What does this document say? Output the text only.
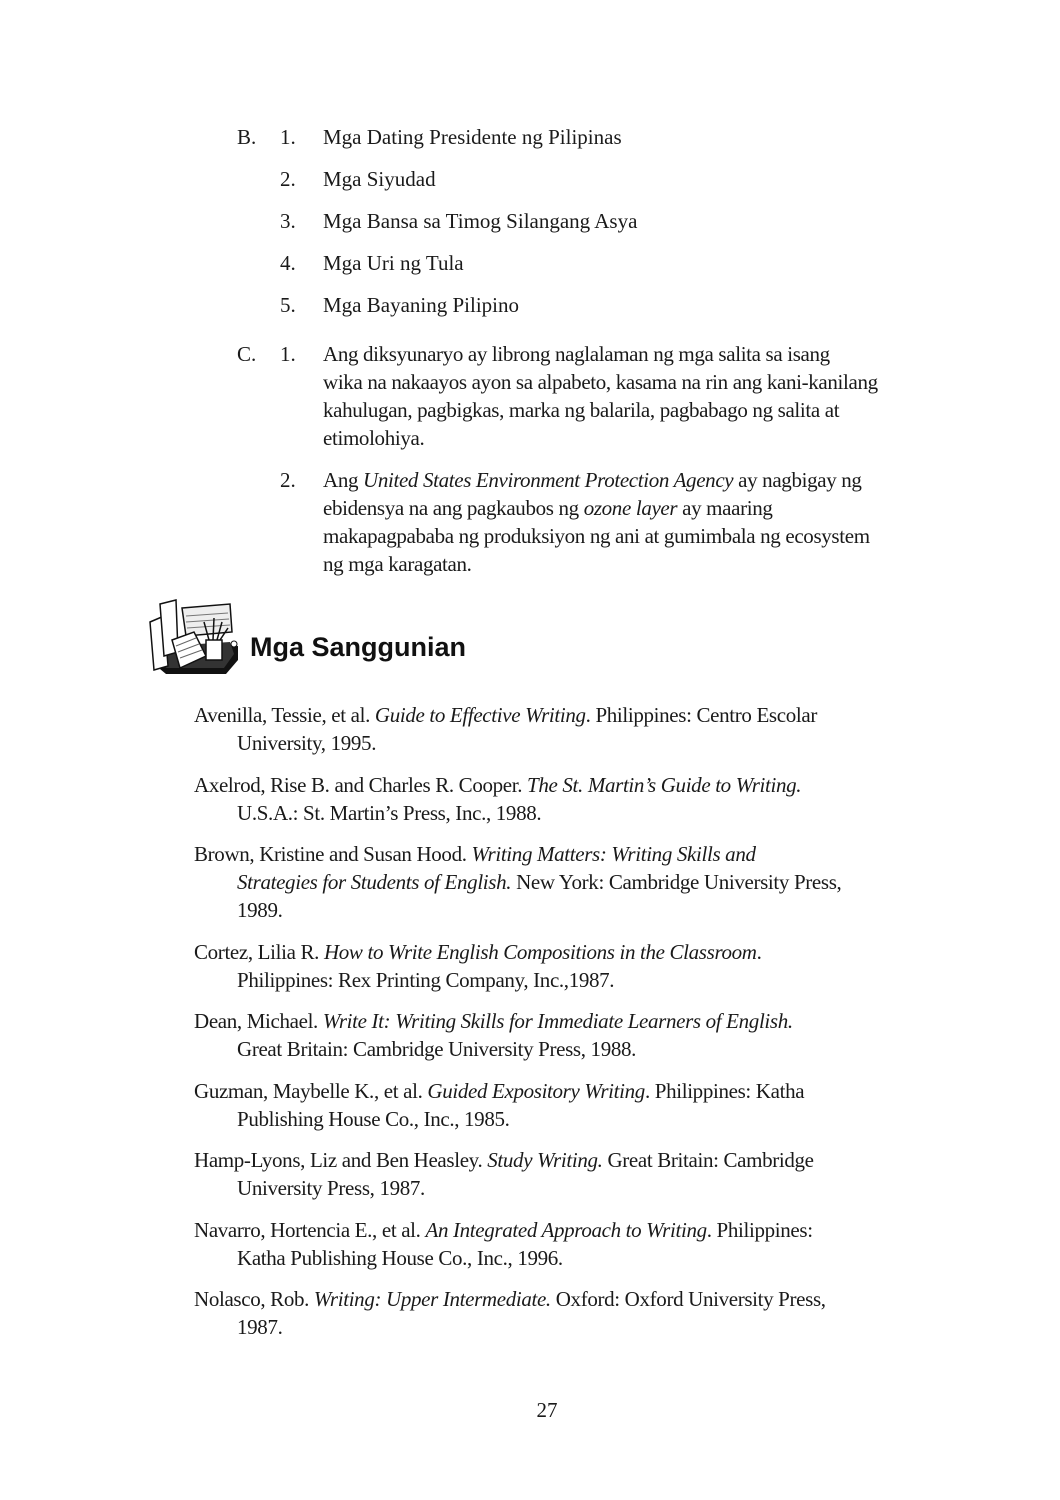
B. 1. Mga Dating Presidente ng Pilipinas
2. Mga Siyudad
3. Mga Bansa sa Timog Silangang Asya
4. Mga Uri ng Tula
5. Mga Bayaning Pilipino
C. 1. Ang diksyunaryo ay librong naglalaman ng mga salita sa isang
wika na nakaayos ayon sa alpabeto, kasama na rin ang kani-kanilang
kahulugan, pagbigkas, marka ng balarila, pagbabago ng salita at
etimolohiya.
2. Ang United States Environment Protection Agency ay nagbigay ng
ebidensya na ang pagkaubos ng ozone layer ay maaring
makapagpababa ng produksiyon ng ani at gumimbala ng ecosystem
ng mga karagatan.
Mga Sanggunian
Avenilla, Tessie, et al. Guide to Effective Writing. Philippines: Centro Escolar
University, 1995.
Axelrod, Rise B. and Charles R. Cooper. The St. Martin’s Guide to Writing.
U.S.A.: St. Martin’s Press, Inc., 1988.
Brown, Kristine and Susan Hood. Writing Matters: Writing Skills and
Strategies for Students of English. New York: Cambridge University Press,
1989.
Cortez, Lilia R. How to Write English Compositions in the Classroom.
Philippines: Rex Printing Company, Inc.,1987.
Dean, Michael. Write It: Writing Skills for Immediate Learners of English.
Great Britain: Cambridge University Press, 1988.
Guzman, Maybelle K., et al. Guided Expository Writing. Philippines: Katha
Publishing House Co., Inc., 1985.
Hamp-Lyons, Liz and Ben Heasley. Study Writing. Great Britain: Cambridge
University Press, 1987.
Navarro, Hortencia E., et al. An Integrated Approach to Writing. Philippines:
Katha Publishing House Co., Inc., 1996.
Nolasco, Rob. Writing: Upper Intermediate. Oxford: Oxford University Press,
1987.
27
